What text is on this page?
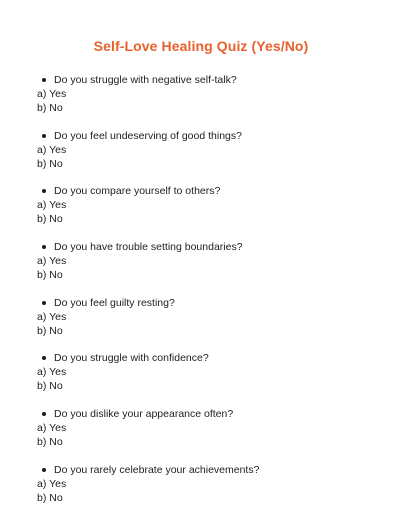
Self-Love Healing Quiz (Yes/No)
Do you struggle with negative self-talk?
a) Yes
b) No
Do you feel undeserving of good things?
a) Yes
b) No
Do you compare yourself to others?
a) Yes
b) No
Do you have trouble setting boundaries?
a) Yes
b) No
Do you feel guilty resting?
a) Yes
b) No
Do you struggle with confidence?
a) Yes
b) No
Do you dislike your appearance often?
a) Yes
b) No
Do you rarely celebrate your achievements?
a) Yes
b) No
